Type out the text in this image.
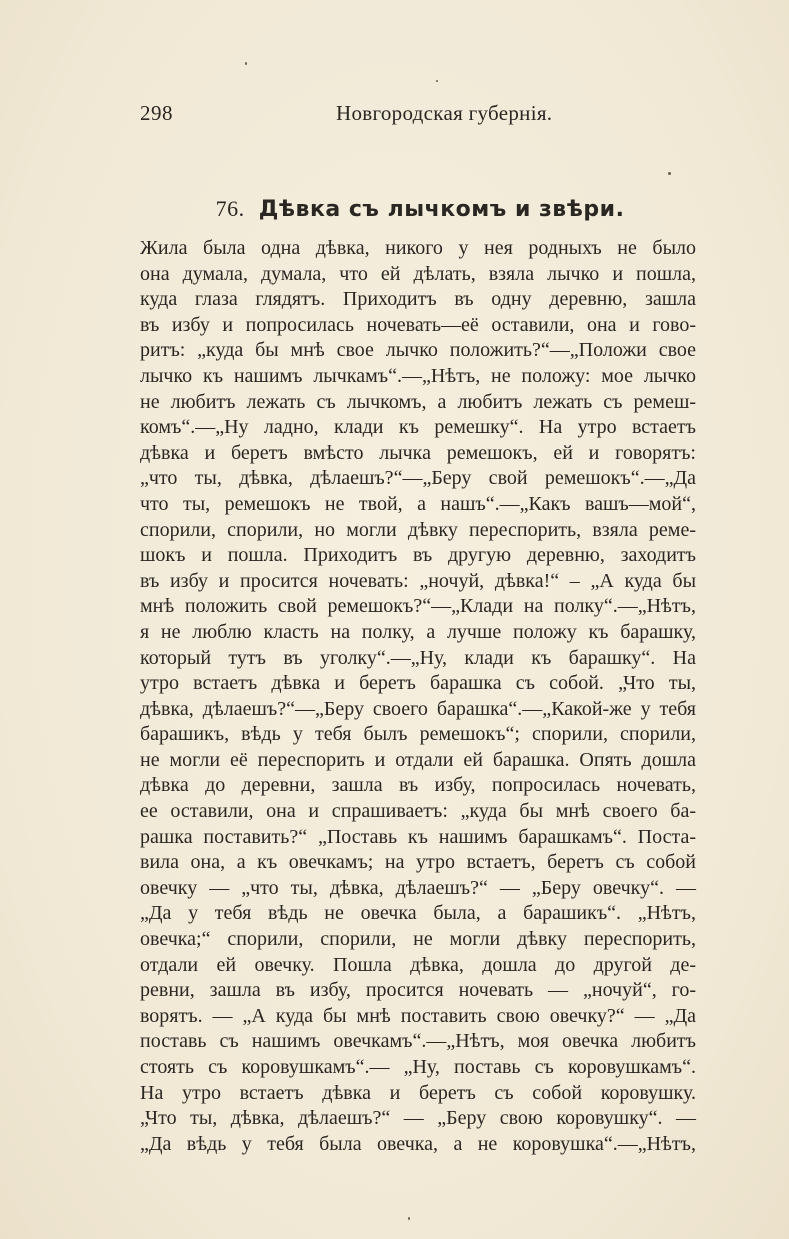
298	Новгородская губернія.
76. Дѣвка съ лычкомъ и звѣри.
Жила была одна дѣвка, никого у нея родныхъ не было
она думала, думала, что ей дѣлать, взяла лычко и пошла,
куда глаза глядятъ. Приходитъ въ одну деревню, зашла
въ избу и попросилась ночевать—её оставили, она и гово-
ритъ: „куда бы мнѣ свое лычко положить?“—„Положи свое
лычко къ нашимъ лычкамъ“.—„Нѣтъ, не положу: мое лычко
не любитъ лежать съ лычкомъ, а любитъ лежать съ ремеш-
комъ“.—„Ну ладно, клади къ ремешку“. На утро встаетъ
дѣвка и беретъ вмѣсто лычка ремешокъ, ей и говорятъ:
„что ты, дѣвка, дѣлаешъ?“—„Беру свой ремешокъ“.—„Да
что ты, ремешокъ не твой, а нашъ“.—„Какъ вашъ—мой“,
спорили, спорили, но могли дѣвку переспорить, взяла реме-
шокъ и пошла. Приходитъ въ другую деревню, заходитъ
въ избу и просится ночевать: „ночуй, дѣвка!“ – „А куда бы
мнѣ положить свой ремешокъ?“—„Клади на полку“.—„Нѣтъ,
я не люблю класть на полку, а лучше положу къ барашку,
который тутъ въ уголку“.—„Ну, клади къ барашку“. На
утро встаетъ дѣвка и беретъ барашка съ собой. „Что ты,
дѣвка, дѣлаешъ?“—„Беру своего барашка“.—„Какой-же у тебя
барашикъ, вѣдь у тебя былъ ремешокъ“; спорили, спорили,
не могли её переспорить и отдали ей барашка. Опять дошла
дѣвка до деревни, зашла въ избу, попросилась ночевать,
ее оставили, она и спрашиваетъ: „куда бы мнѣ своего ба-
рашка поставить?“ „Поставь къ нашимъ барашкамъ“. Поста-
вила она, а къ овечкамъ; на утро встаетъ, беретъ съ собой
овечку — „что ты, дѣвка, дѣлаешъ?“ — „Беру овечку“. —
„Да у тебя вѣдь не овечка была, а барашикъ“. „Нѣтъ,
овечка;“ спорили, спорили, не могли дѣвку переспорить,
отдали ей овечку. Пошла дѣвка, дошла до другой де-
ревни, зашла въ избу, просится ночевать — „ночуй“, го-
ворятъ. — „А куда бы мнѣ поставить свою овечку?“ — „Да
поставь съ нашимъ овечкамъ“.—„Нѣтъ, моя овечка любитъ
стоять съ коровушкамъ“.— „Ну, поставь съ коровушкамъ“.
На утро встаетъ дѣвка и беретъ съ собой коровушку.
„Что ты, дѣвка, дѣлаешъ?“ — „Беру свою коровушку“. —
„Да вѣдь у тебя была овечка, а не коровушка“.—„Нѣтъ,
